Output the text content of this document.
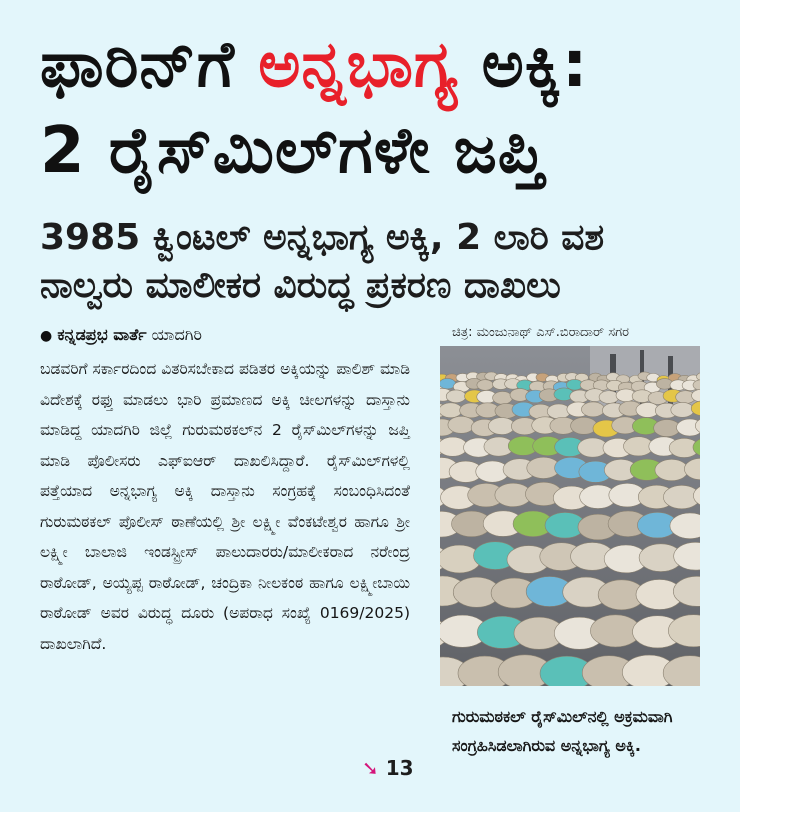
ಫಾರಿನ್‌ಗೆ ಅನ್ನಭಾಗ್ಯ ಅಕ್ಕಿ:
2 ರೈಸ್‌ಮಿಲ್‌ಗಳೇ ಜಪ್ತಿ
3985 ಕ್ವಿಂಟಲ್ ಅನ್ನಭಾಗ್ಯ ಅಕ್ಕಿ, 2 ಲಾರಿ ವಶ
ನಾಲ್ವರು ಮಾಲೀಕರ ವಿರುದ್ಧ ಪ್ರಕರಣ ದಾಖಲು
● ಕನ್ನಡಪ್ರಭ ವಾರ್ತೆ ಯಾದಗಿರಿ
ಬಡವರಿಗೆ ಸರ್ಕಾರದಿಂದ ವಿತರಿಸಬೇಕಾದ ಪಡಿತರ ಅಕ್ಕಿಯನ್ನು ಪಾಲಿಶ್ ಮಾಡಿ ವಿದೇಶಕ್ಕೆ ರಫ್ತು ಮಾಡಲು ಭಾರಿ ಪ್ರಮಾಣದ ಅಕ್ಕಿ ಚೀಲಗಳನ್ನು ದಾಸ್ತಾನು ಮಾಡಿದ್ದ ಯಾದಗಿರಿ ಜಿಲ್ಲೆ ಗುರುಮಠಕಲ್‌ನ 2 ರೈಸ್‌ಮಿಲ್‌ಗಳನ್ನು ಜಪ್ತಿ ಮಾಡಿ ಪೊಲೀಸರು ಎಫ್‌ಐಆರ್ ದಾಖಲಿಸಿದ್ದಾರೆ. ರೈಸ್‌ಮಿಲ್‌ಗಳಲ್ಲಿ ಪತ್ತೆಯಾದ ಅನ್ನಭಾಗ್ಯ ಅಕ್ಕಿ ದಾಸ್ತಾನು ಸಂಗ್ರಹಕ್ಕೆ ಸಂಬಂಧಿಸಿದಂತೆ ಗುರುಮಠಕಲ್ ಪೊಲೀಸ್ ಠಾಣೆಯಲ್ಲಿ ಶ್ರೀ ಲಕ್ಷ್ಮೀ ವೆಂಕಟೇಶ್ವರ ಹಾಗೂ ಶ್ರೀ ಲಕ್ಷ್ಮೀ ಬಾಲಾಜಿ ಇಂಡಸ್ಟ್ರೀಸ್ ಪಾಲುದಾರರು/ಮಾಲೀಕರಾದ ನರೇಂದ್ರ ರಾಠೋಡ್, ಅಯ್ಯಪ್ಪ ರಾಠೋಡ್, ಚಂದ್ರಿಕಾ ನೀಲಕಂಠ ಹಾಗೂ ಲಕ್ಷ್ಮೀಬಾಯಿ ರಾಠೋಡ್ ಅವರ ವಿರುದ್ಧ ದೂರು (ಅಪರಾಧ ಸಂಖ್ಯೆ 0169/2025) ದಾಖಲಾಗಿದೆ.
➘ 13
ಚಿತ್ರ: ಮಂಜುನಾಥ್ ಎಸ್.ಬಿರಾದಾರ್ ಸಗರ
ಗುರುಮಠಕಲ್ ರೈಸ್‌ಮಿಲ್‌ನಲ್ಲಿ ಅಕ್ರಮವಾಗಿ ಸಂಗ್ರಹಿಸಿಡಲಾಗಿರುವ ಅನ್ನಭಾಗ್ಯ ಅಕ್ಕಿ.
